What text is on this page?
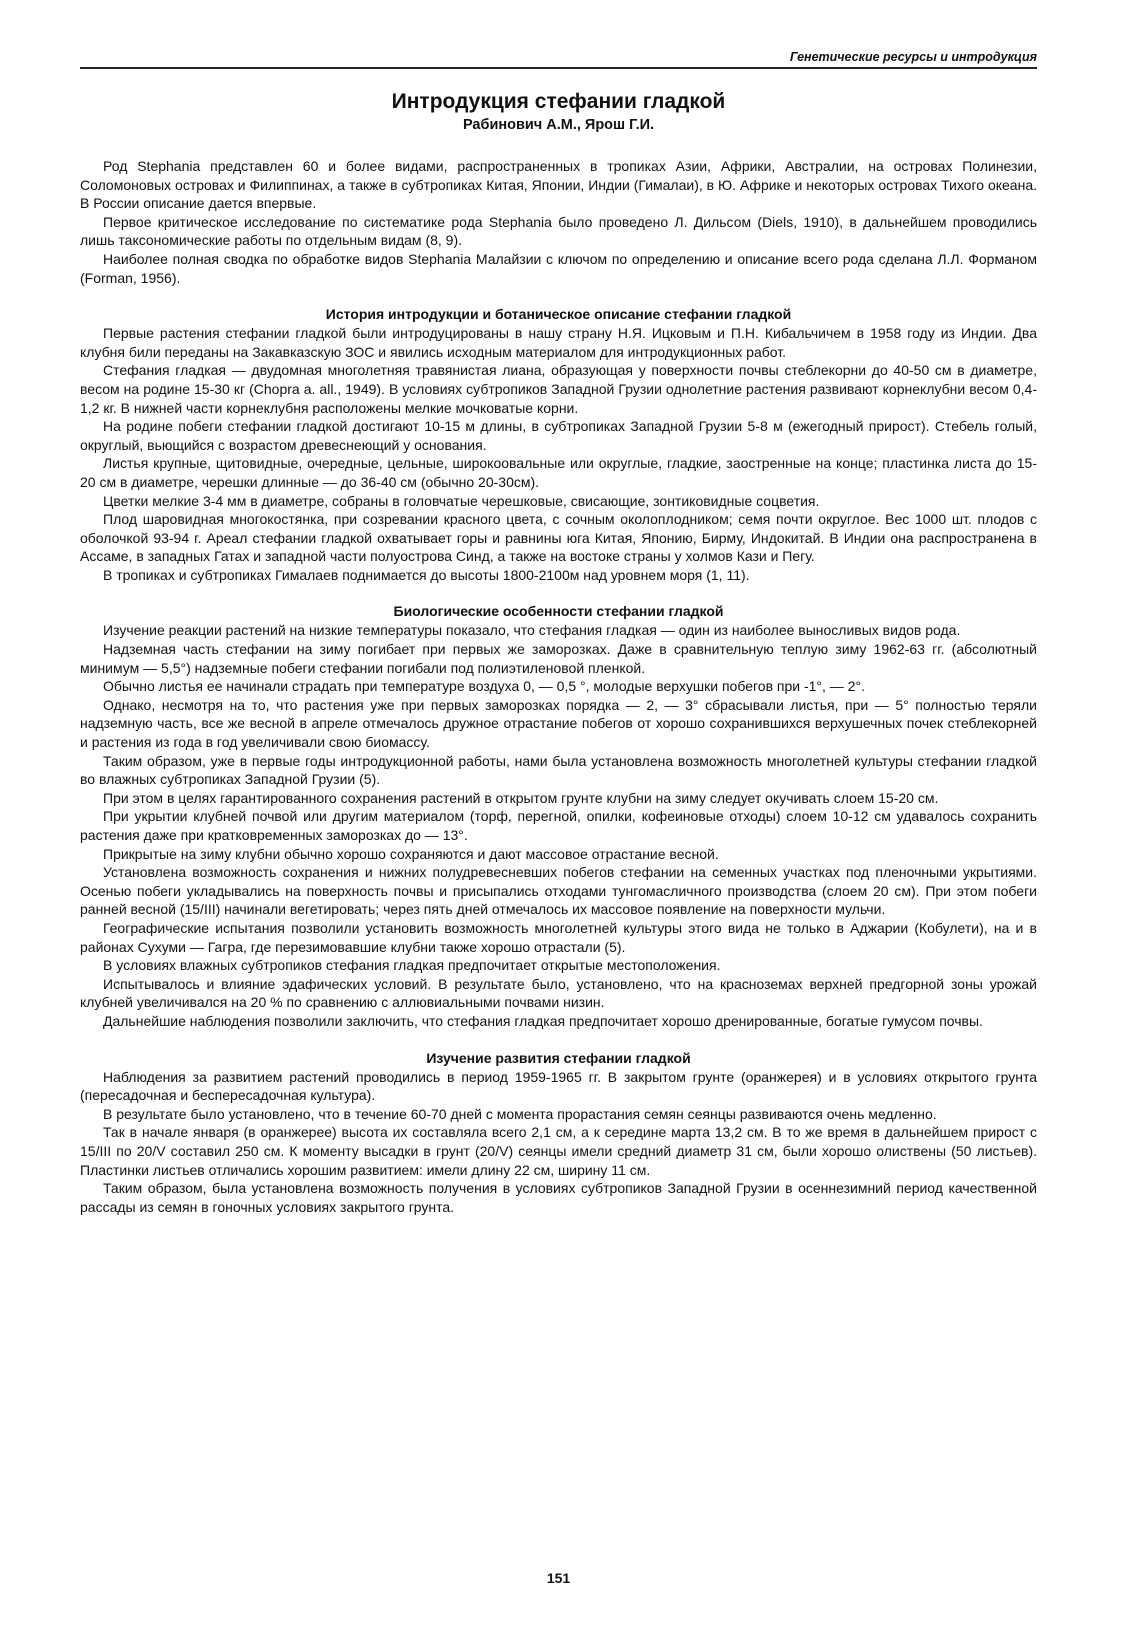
Генетические ресурсы и интродукция
Интродукция стефании гладкой
Рабинович А.М., Ярош Г.И.

Род Stephania представлен 60 и более видами, распространенных в тропиках Азии, Африки, Австралии, на островах Полинезии, Соломоновых островах и Филиппинах, а также в субтропиках Китая, Японии, Индии (Гималаи), в Ю. Африке и некоторых островах Тихого океана. В России описание дается впервые.

Первое критическое исследование по систематике рода Stephania было проведено Л. Дильсом (Diels, 1910), в дальнейшем проводились лишь таксономические работы по отдельным видам (8, 9).

Наиболее полная сводка по обработке видов Stephania Малайзии с ключом по определению и описание всего рода сделана Л.Л. Форманом (Forman, 1956).

История интродукции и ботаническое описание стефании гладкой

Первые растения стефании гладкой были интродуцированы в нашу страну Н.Я. Ицковым и П.Н. Кибальчичем в 1958 году из Индии. Два клубня били переданы на Закавказскую ЗОС и явились исходным материалом для интродукционных работ.

Стефания гладкая — двудомная многолетняя травянистая лиана, образующая у поверхности почвы стеблекорни до 40-50 см в диаметре, весом на родине 15-30 кг (Chopra a. all., 1949). В условиях субтропиков Западной Грузии однолетние растения развивают корнеклубни весом 0,4-1,2 кг. В нижней части корнеклубня расположены мелкие мочковатые корни.

На родине побеги стефании гладкой достигают 10-15 м длины, в субтропиках Западной Грузии 5-8 м (ежегодный прирост). Стебель голый, округлый, вьющийся с возрастом древеснеющий у основания.

Листья крупные, щитовидные, очередные, цельные, широкоовальные или округлые, гладкие, заостренные на конце; пластинка листа до 15-20 см в диаметре, черешки длинные — до 36-40 см (обычно 20-30см).

Цветки мелкие 3-4 мм в диаметре, собраны в головчатые черешковые, свисающие, зонтиковидные соцветия.

Плод шаровидная многокостянка, при созревании красного цвета, с сочным околоплодником; семя почти округлое. Вес 1000 шт. плодов с оболочкой 93-94 г. Ареал стефании гладкой охватывает горы и равнины юга Китая, Японию, Бирму, Индокитай. В Индии она распространена в Ассаме, в западных Гатах и западной части полуострова Синд, а также на востоке страны у холмов Кази и Пегу.

В тропиках и субтропиках Гималаев поднимается до высоты 1800-2100м над уровнем моря (1, 11).

Биологические особенности стефании гладкой

Изучение реакции растений на низкие температуры показало, что стефания гладкая — один из наиболее выносливых видов рода.

Надземная часть стефании на зиму погибает при первых же заморозках. Даже в сравнительную теплую зиму 1962-63 гг. (абсолютный минимум — 5,5°) надземные побеги стефании погибали под полиэтиленовой пленкой.

Обычно листья ее начинали страдать при температуре воздуха 0, — 0,5 °, молодые верхушки побегов при -1°, — 2°.

Однако, несмотря на то, что растения уже при первых заморозках порядка — 2, — 3° сбрасывали листья, при — 5° полностью теряли надземную часть, все же весной в апреле отмечалось дружное отрастание побегов от хорошо сохранившихся верхушечных почек стеблекорней и растения из года в год увеличивали свою биомассу.

Таким образом, уже в первые годы интродукционной работы, нами была установлена возможность многолетней культуры стефании гладкой во влажных субтропиках Западной Грузии (5).

При этом в целях гарантированного сохранения растений в открытом грунте клубни на зиму следует окучивать слоем 15-20 см.

При укрытии клубней почвой или другим материалом (торф, перегной, опилки, кофеиновые отходы) слоем 10-12 см удавалось сохранить растения даже при кратковременных заморозках до — 13°.

Прикрытые на зиму клубни обычно хорошо сохраняются и дают массовое отрастание весной.

Установлена возможность сохранения и нижних полудревесневших побегов стефании на семенных участках под пленочными укрытиями. Осенью побеги укладывались на поверхность почвы и присыпались отходами тунгомасличного производства (слоем 20 см). При этом побеги ранней весной (15/III) начинали вегетировать; через пять дней отмечалось их массовое появление на поверхности мульчи.

Географические испытания позволили установить возможность многолетней культуры этого вида не только в Аджарии (Кобулети), на и в районах Сухуми — Гагра, где перезимовавшие клубни также хорошо отрастали (5).

В условиях влажных субтропиков стефания гладкая предпочитает открытые местоположения.

Испытывалось и влияние эдафических условий. В результате было, установлено, что на красноземах верхней предгорной зоны урожай клубней увеличивался на 20 % по сравнению с аллювиальными почвами низин.

Дальнейшие наблюдения позволили заключить, что стефания гладкая предпочитает хорошо дренированные, богатые гумусом почвы.

Изучение развития стефании гладкой

Наблюдения за развитием растений проводились в период 1959-1965 гг. В закрытом грунте (оранжерея) и в условиях открытого грунта (пересадочная и беспересадочная культура).

В результате было установлено, что в течение 60-70 дней с момента прорастания семян сеянцы развиваются очень медленно.

Так в начале января (в оранжерее) высота их составляла всего 2,1 см, а к середине марта 13,2 см. В то же время в дальнейшем прирост с 15/III по 20/V составил 250 см. К моменту высадки в грунт (20/V) сеянцы имели средний диаметр 31 см, были хорошо олиствены (50 листьев). Пластинки листьев отличались хорошим развитием: имели длину 22 см, ширину 11 см.

Таким образом, была установлена возможность получения в условиях субтропиков Западной Грузии в осеннезимний период качественной рассады из семян в гоночных условиях закрытого грунта.

151
